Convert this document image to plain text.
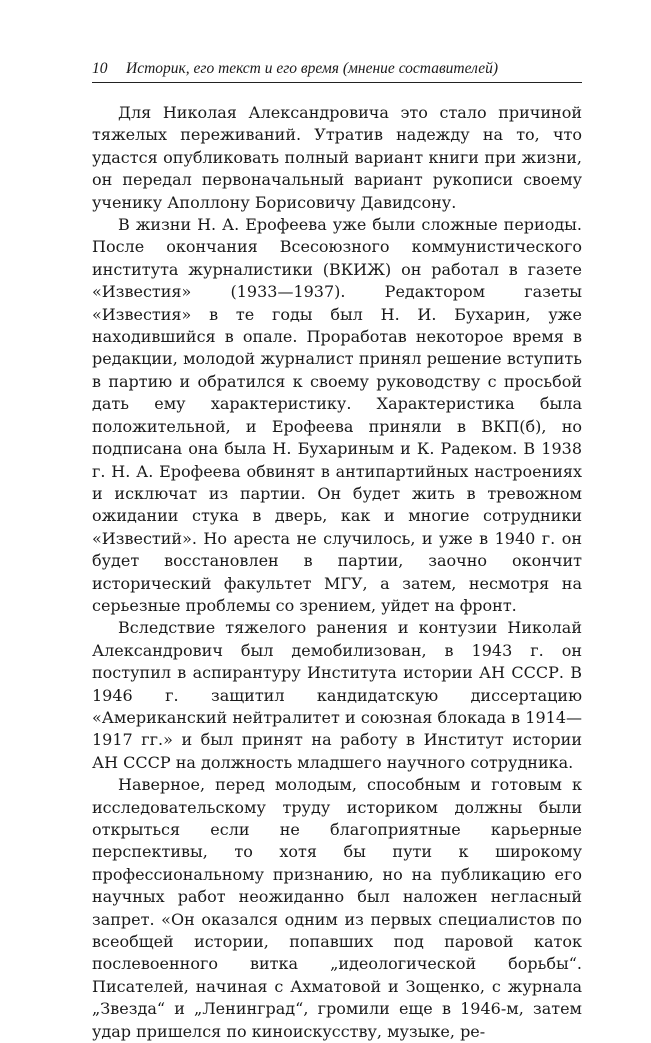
10 Историк, его текст и его время (мнение составителей)

Для Николая Александровича это стало причиной тяжелых переживаний. Утратив надежду на то, что удастся опубликовать полный вариант книги при жизни, он передал первоначальный вариант рукописи своему ученику Аполлону Борисовичу Давидсону.

В жизни Н. А. Ерофеева уже были сложные периоды. После окончания Всесоюзного коммунистического института журналистики (ВКИЖ) он работал в газете «Известия» (1933—1937). Редактором газеты «Известия» в те годы был Н. И. Бухарин, уже находившийся в опале. Проработав некоторое время в редакции, молодой журналист принял решение вступить в партию и обратился к своему руководству с просьбой дать ему характеристику. Характеристика была положительной, и Ерофеева приняли в ВКП(б), но подписана она была Н. Бухариным и К. Радеком. В 1938 г. Н. А. Ерофеева обвинят в антипартийных настроениях и исключат из партии. Он будет жить в тревожном ожидании стука в дверь, как и многие сотрудники «Известий». Но ареста не случилось, и уже в 1940 г. он будет восстановлен в партии, заочно окончит исторический факультет МГУ, а затем, несмотря на серьезные проблемы со зрением, уйдет на фронт.

Вследствие тяжелого ранения и контузии Николай Александрович был демобилизован, в 1943 г. он поступил в аспирантуру Института истории АН СССР. В 1946 г. защитил кандидатскую диссертацию «Американский нейтралитет и союзная блокада в 1914—1917 гг.» и был принят на работу в Институт истории АН СССР на должность младшего научного сотрудника.

Наверное, перед молодым, способным и готовым к исследовательскому труду историком должны были открыться если не благоприятные карьерные перспективы, то хотя бы пути к широкому профессиональному признанию, но на публикацию его научных работ неожиданно был наложен негласный запрет. «Он оказался одним из первых специалистов по всеобщей истории, попавших под паровой каток послевоенного витка „идеологической борьбы“. Писателей, начиная с Ахматовой и Зощенко, с журнала „Звезда“ и „Ленинград“, громили еще в 1946-м, затем удар пришелся по киноискусству, музыке, ре-
